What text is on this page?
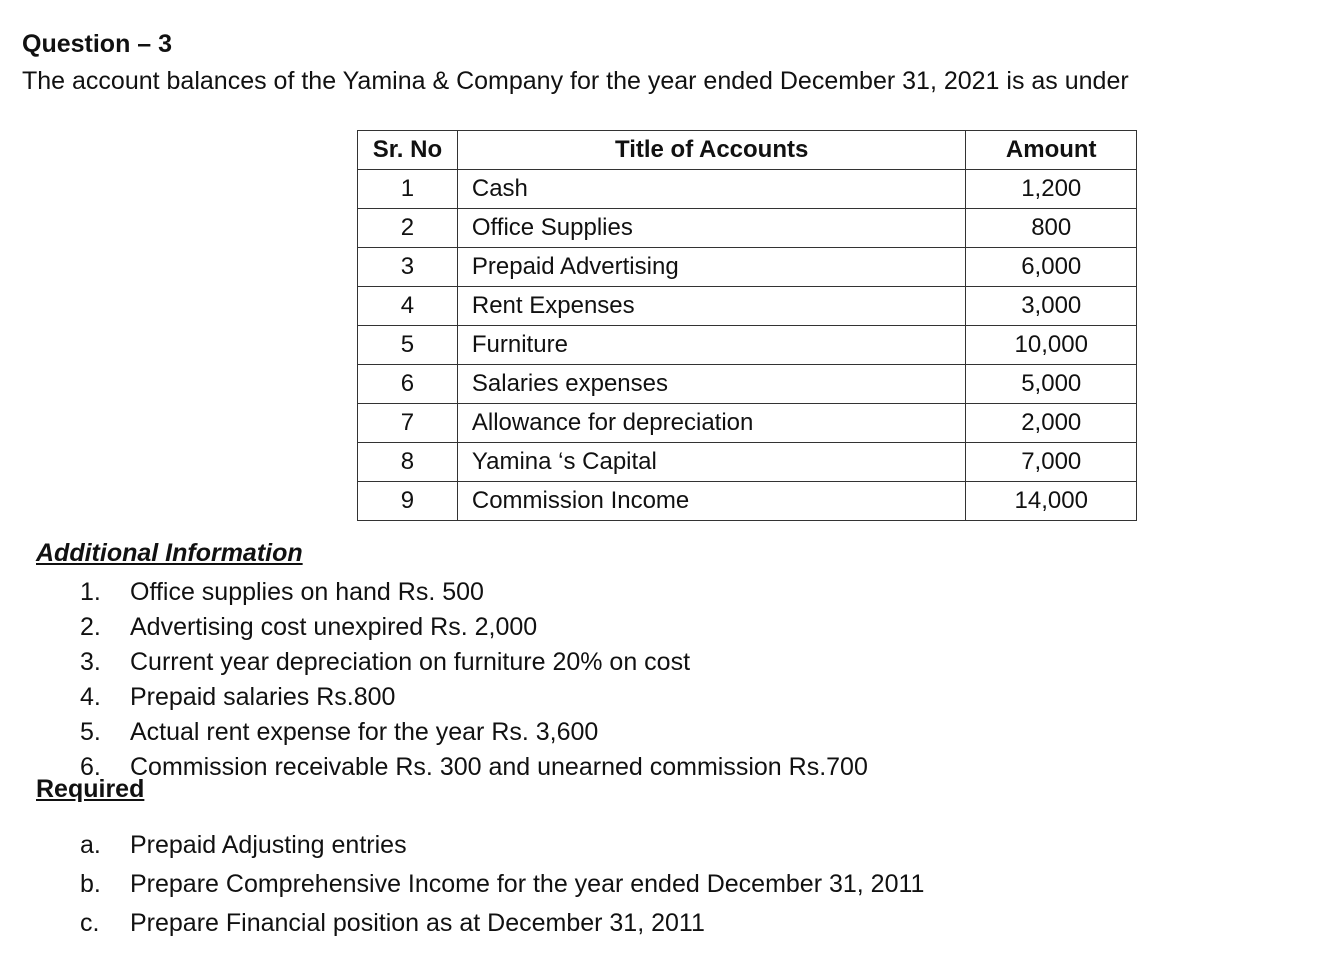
Question – 3

The account balances of the Yamina & Company for the year ended December 31, 2021 is as under

Sr. No	Title of Accounts	Amount
1	Cash	1,200
2	Office Supplies	800
3	Prepaid Advertising	6,000
4	Rent Expenses	3,000
5	Furniture	10,000
6	Salaries expenses	5,000
7	Allowance for depreciation	2,000
8	Yamina ‘s Capital	7,000
9	Commission Income	14,000
Additional Information
1.	Office supplies on hand Rs. 500
2.	Advertising cost unexpired Rs. 2,000
3.	Current year depreciation on furniture 20% on cost
4.	Prepaid salaries Rs.800
5.	Actual rent expense for the year Rs. 3,600
6.	Commission receivable Rs. 300 and unearned commission Rs.700
Required
a.	Prepaid Adjusting entries
b.	Prepare Comprehensive Income for the year ended December 31, 2011
c.	Prepare Financial position as at December 31, 2011
